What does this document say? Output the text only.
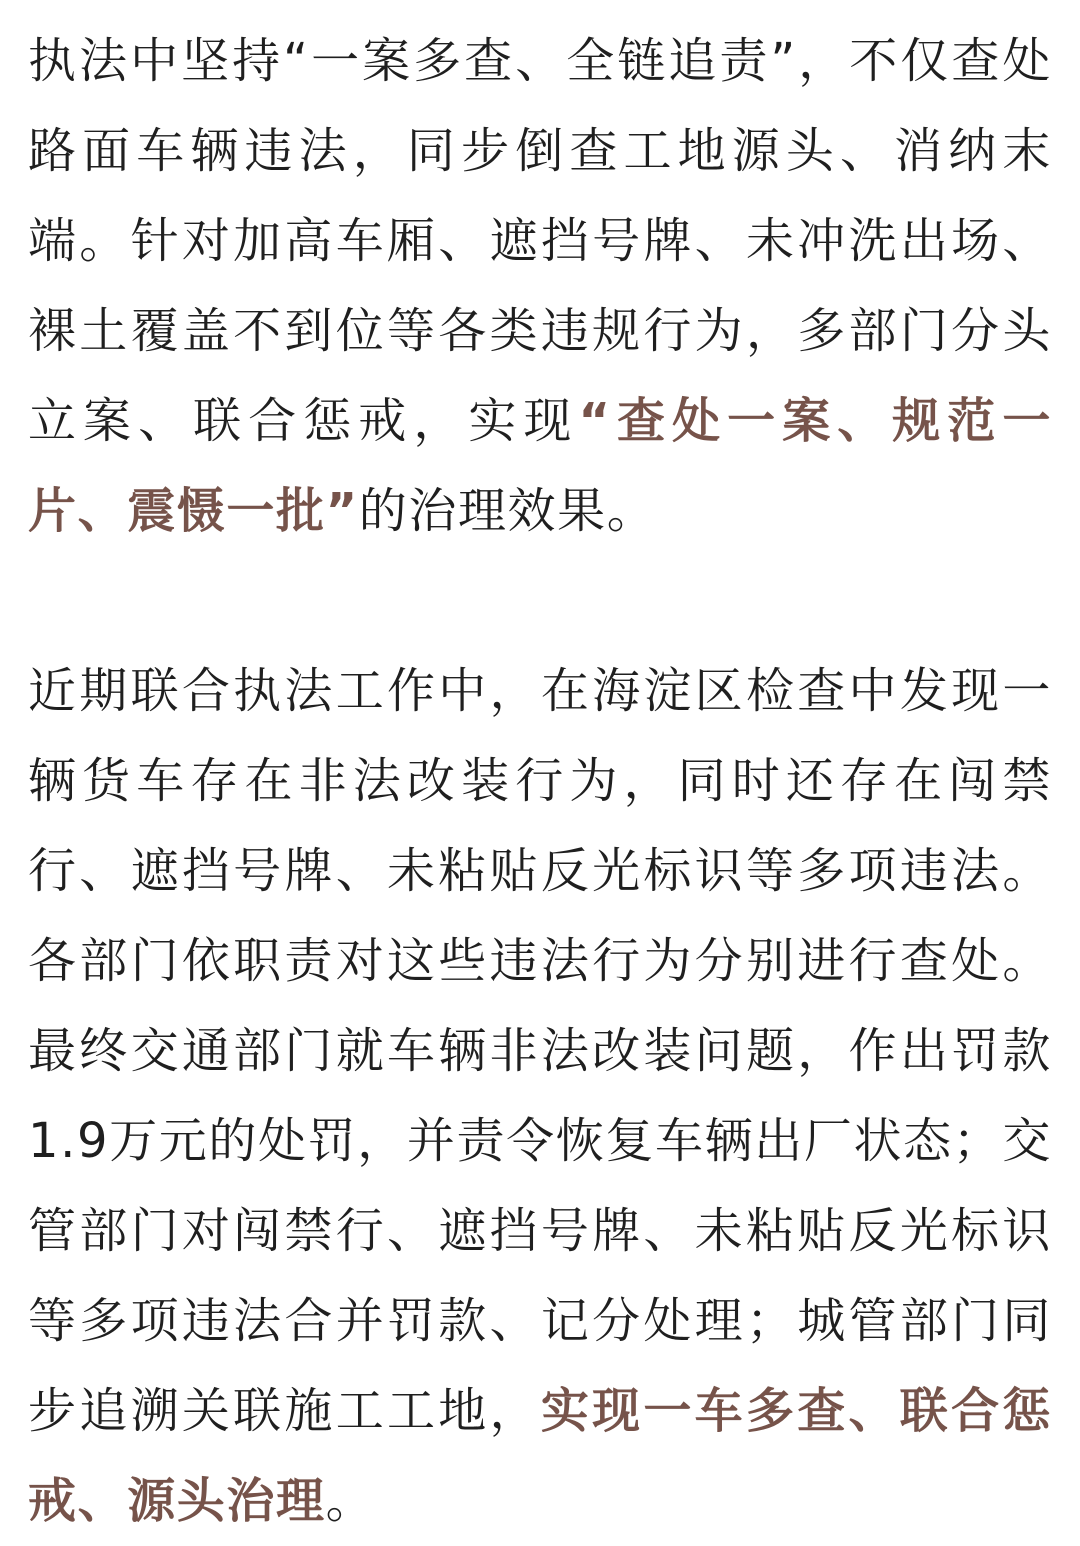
执法中坚持“一案多查、全链追责”，不仅查处路面车辆违法，同步倒查工地源头、消纳末端。针对加高车厢、遮挡号牌、未冲洗出场、裸土覆盖不到位等各类违规行为，多部门分头立案、联合惩戒，实现“查处一案、规范一片、震慑一批”的治理效果。

近期联合执法工作中，在海淀区检查中发现一辆货车存在非法改装行为，同时还存在闯禁行、遮挡号牌、未粘贴反光标识等多项违法。各部门依职责对这些违法行为分别进行查处。最终交通部门就车辆非法改装问题，作出罚款1.9万元的处罚，并责令恢复车辆出厂状态；交管部门对闯禁行、遮挡号牌、未粘贴反光标识等多项违法合并罚款、记分处理；城管部门同步追溯关联施工工地，实现一车多查、联合惩戒、源头治理。
